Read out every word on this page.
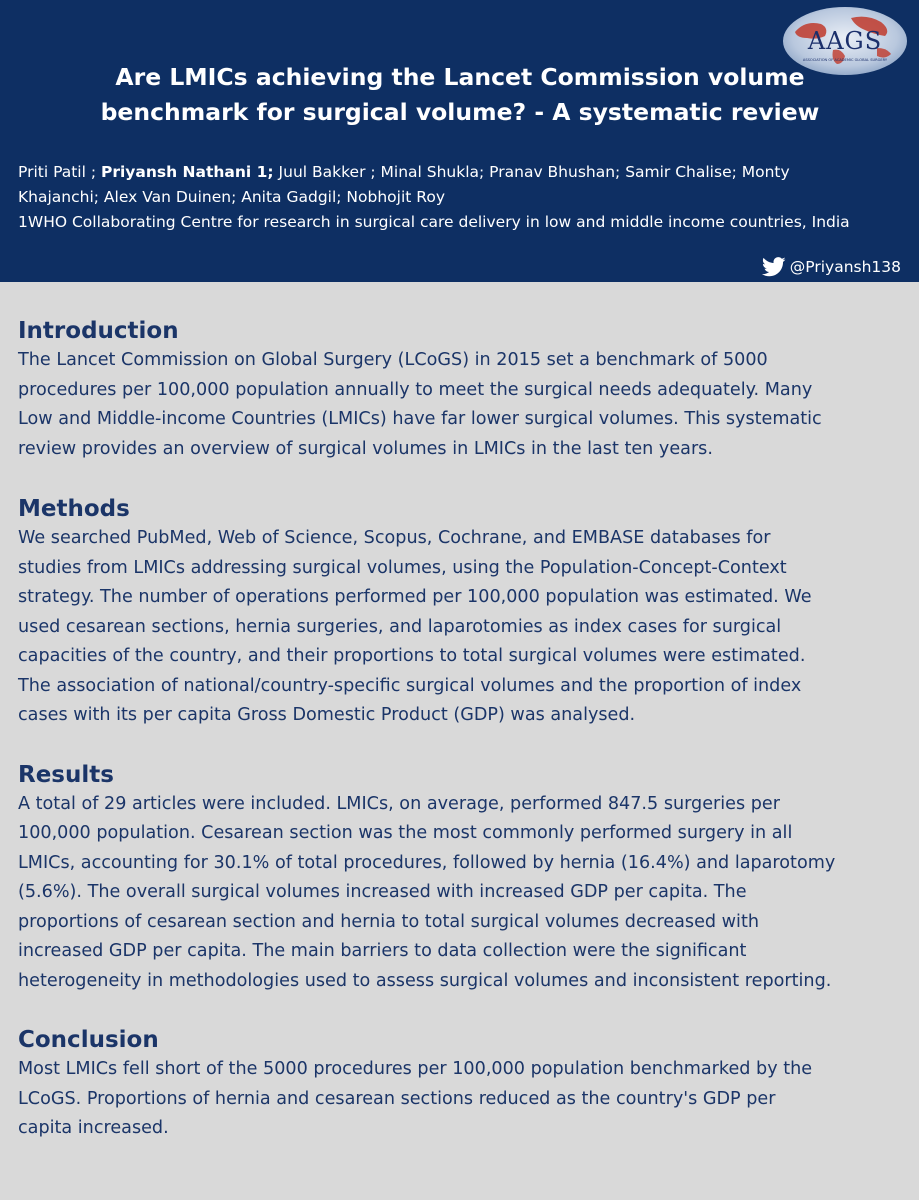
AAGS
ASSOCIATION OF ACADEMIC GLOBAL SURGERY
Are LMICs achieving the Lancet Commission volume
benchmark for surgical volume? - A systematic review
Priti Patil ; Priyansh Nathani 1; Juul Bakker ; Minal Shukla; Pranav Bhushan; Samir Chalise; Monty
Khajanchi; Alex Van Duinen; Anita Gadgil; Nobhojit Roy
1WHO Collaborating Centre for research in surgical care delivery in low and middle income countries, India
@Priyansh138
Introduction
The Lancet Commission on Global Surgery (LCoGS) in 2015 set a benchmark of 5000
procedures per 100,000 population annually to meet the surgical needs adequately. Many
Low and Middle-income Countries (LMICs) have far lower surgical volumes. This systematic
review provides an overview of surgical volumes in LMICs in the last ten years.
Methods
We searched PubMed, Web of Science, Scopus, Cochrane, and EMBASE databases for
studies from LMICs addressing surgical volumes, using the Population-Concept-Context
strategy. The number of operations performed per 100,000 population was estimated. We
used cesarean sections, hernia surgeries, and laparotomies as index cases for surgical
capacities of the country, and their proportions to total surgical volumes were estimated.
The association of national/country-specific surgical volumes and the proportion of index
cases with its per capita Gross Domestic Product (GDP) was analysed.
Results
A total of 29 articles were included. LMICs, on average, performed 847.5 surgeries per
100,000 population. Cesarean section was the most commonly performed surgery in all
LMICs, accounting for 30.1% of total procedures, followed by hernia (16.4%) and laparotomy
(5.6%). The overall surgical volumes increased with increased GDP per capita. The
proportions of cesarean section and hernia to total surgical volumes decreased with
increased GDP per capita. The main barriers to data collection were the significant
heterogeneity in methodologies used to assess surgical volumes and inconsistent reporting.
Conclusion
Most LMICs fell short of the 5000 procedures per 100,000 population benchmarked by the
LCoGS. Proportions of hernia and cesarean sections reduced as the country's GDP per
capita increased.
